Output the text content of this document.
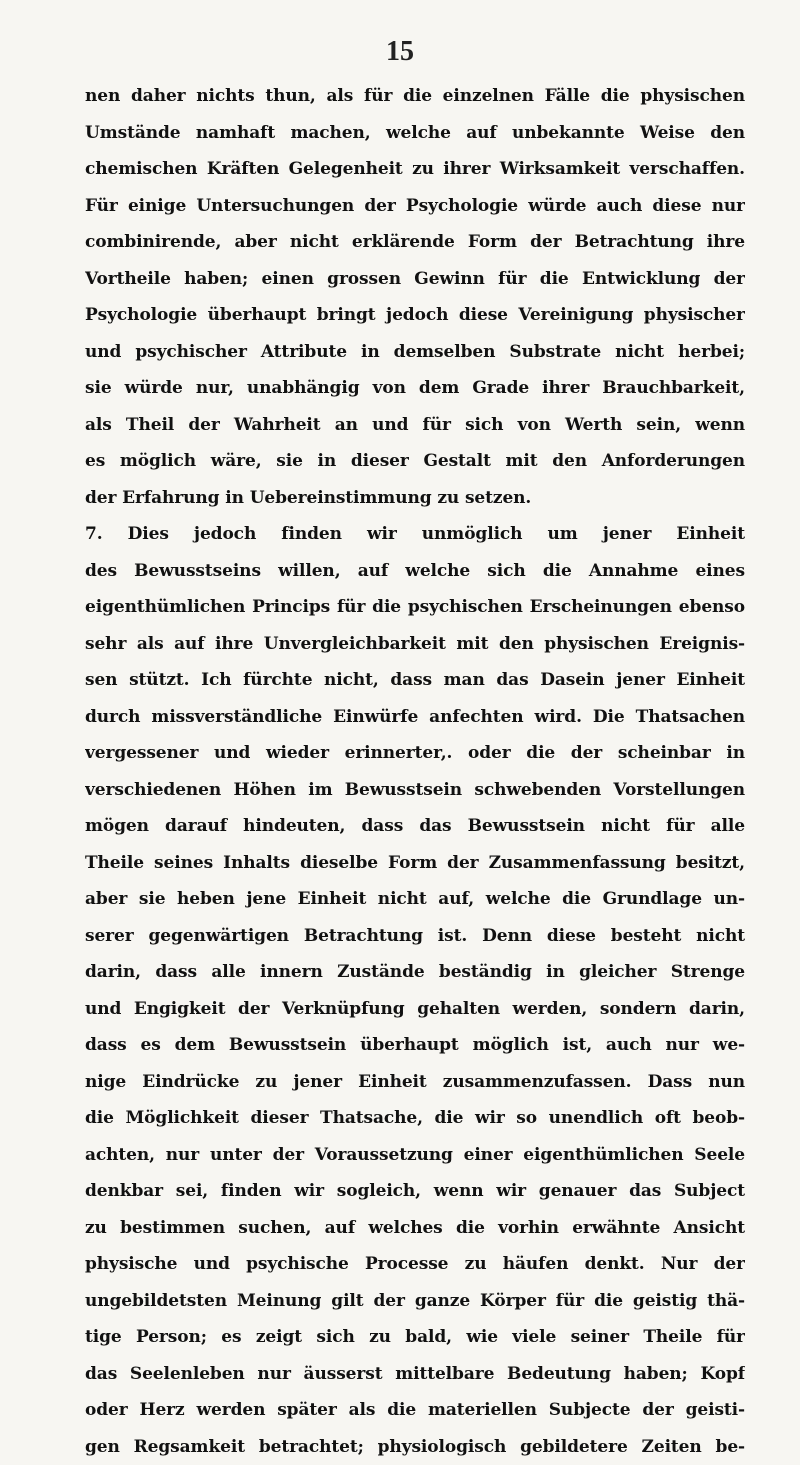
15
nen daher nichts thun, als für die einzelnen Fälle die physischen
Umstände namhaft machen, welche auf unbekannte Weise den
chemischen Kräften Gelegenheit zu ihrer Wirksamkeit verschaffen.
Für einige Untersuchungen der Psychologie würde auch diese nur
combinirende, aber nicht erklärende Form der Betrachtung ihre
Vortheile haben; einen grossen Gewinn für die Entwicklung der
Psychologie überhaupt bringt jedoch diese Vereinigung physischer
und psychischer Attribute in demselben Substrate nicht herbei;
sie würde nur, unabhängig von dem Grade ihrer Brauchbarkeit,
als Theil der Wahrheit an und für sich von Werth sein, wenn
es möglich wäre, sie in dieser Gestalt mit den Anforderungen
der Erfahrung in Uebereinstimmung zu setzen.
7. Dies jedoch finden wir unmöglich um jener Einheit
des Bewusstseins willen, auf welche sich die Annahme eines
eigenthümlichen Princips für die psychischen Erscheinungen ebenso
sehr als auf ihre Unvergleichbarkeit mit den physischen Ereignis-
sen stützt. Ich fürchte nicht, dass man das Dasein jener Einheit
durch missverständliche Einwürfe anfechten wird. Die Thatsachen
vergessener und wieder erinnerter,. oder die der scheinbar in
verschiedenen Höhen im Bewusstsein schwebenden Vorstellungen
mögen darauf hindeuten, dass das Bewusstsein nicht für alle
Theile seines Inhalts dieselbe Form der Zusammenfassung besitzt,
aber sie heben jene Einheit nicht auf, welche die Grundlage un-
serer gegenwärtigen Betrachtung ist. Denn diese besteht nicht
darin, dass alle innern Zustände beständig in gleicher Strenge
und Engigkeit der Verknüpfung gehalten werden, sondern darin,
dass es dem Bewusstsein überhaupt möglich ist, auch nur we-
nige Eindrücke zu jener Einheit zusammenzufassen. Dass nun
die Möglichkeit dieser Thatsache, die wir so unendlich oft beob-
achten, nur unter der Voraussetzung einer eigenthümlichen Seele
denkbar sei, finden wir sogleich, wenn wir genauer das Subject
zu bestimmen suchen, auf welches die vorhin erwähnte Ansicht
physische und psychische Processe zu häufen denkt. Nur der
ungebildetsten Meinung gilt der ganze Körper für die geistig thä-
tige Person; es zeigt sich zu bald, wie viele seiner Theile für
das Seelenleben nur äusserst mittelbare Bedeutung haben; Kopf
oder Herz werden später als die materiellen Subjecte der geisti-
gen Regsamkeit betrachtet; physiologisch gebildetere Zeiten be-
